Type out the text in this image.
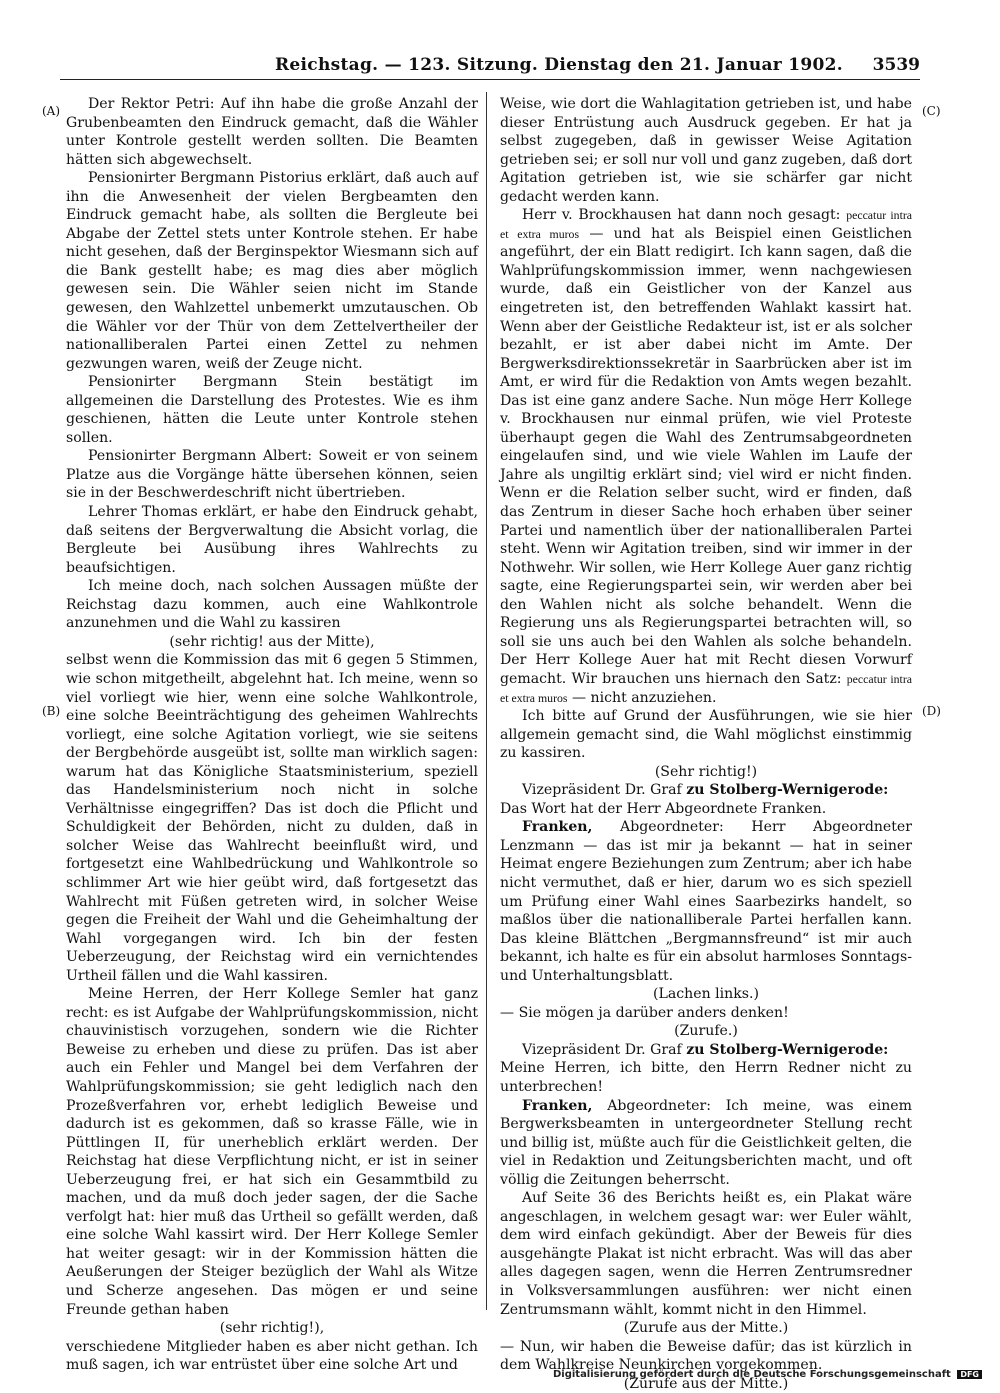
Reichstag. — 123. Sitzung. Dienstag den 21. Januar 1902. 3539
(A)
(B)
(C)
(D)

Der Rektor Petri: Auf ihn habe die große Anzahl der Grubenbeamten den Eindruck gemacht, daß die Wähler unter Kontrole gestellt werden sollten. Die Beamten hätten sich abgewechselt.

Pensionirter Bergmann Pistorius erklärt, daß auch auf ihn die Anwesenheit der vielen Bergbeamten den Eindruck gemacht habe, als sollten die Bergleute bei Abgabe der Zettel stets unter Kontrole stehen. Er habe nicht gesehen, daß der Berginspektor Wiesmann sich auf die Bank gestellt habe; es mag dies aber möglich gewesen sein. Die Wähler seien nicht im Stande gewesen, den Wahlzettel unbemerkt umzutauschen. Ob die Wähler vor der Thür von dem Zettelvertheiler der nationalliberalen Partei einen Zettel zu nehmen gezwungen waren, weiß der Zeuge nicht.

Pensionirter Bergmann Stein bestätigt im allgemeinen die Darstellung des Protestes. Wie es ihm geschienen, hätten die Leute unter Kontrole stehen sollen.

Pensionirter Bergmann Albert: Soweit er von seinem Platze aus die Vorgänge hätte übersehen können, seien sie in der Beschwerdeschrift nicht übertrieben.

Lehrer Thomas erklärt, er habe den Eindruck gehabt, daß seitens der Bergverwaltung die Absicht vorlag, die Bergleute bei Ausübung ihres Wahlrechts zu beaufsichtigen.

Ich meine doch, nach solchen Aussagen müßte der Reichstag dazu kommen, auch eine Wahlkontrole anzunehmen und die Wahl zu kassiren

(sehr richtig! aus der Mitte),

selbst wenn die Kommission das mit 6 gegen 5 Stimmen, wie schon mitgetheilt, abgelehnt hat. Ich meine, wenn so viel vorliegt wie hier, wenn eine solche Wahlkontrole, eine solche Beeinträchtigung des geheimen Wahlrechts vorliegt, eine solche Agitation vorliegt, wie sie seitens der Bergbehörde ausgeübt ist, sollte man wirklich sagen: warum hat das Königliche Staatsministerium, speziell das Handelsministerium noch nicht in solche Verhältnisse eingegriffen? Das ist doch die Pflicht und Schuldigkeit der Behörden, nicht zu dulden, daß in solcher Weise das Wahlrecht beeinflußt wird, und fortgesetzt eine Wahlbedrückung und Wahlkontrole so schlimmer Art wie hier geübt wird, daß fortgesetzt das Wahlrecht mit Füßen getreten wird, in solcher Weise gegen die Freiheit der Wahl und die Geheimhaltung der Wahl vorgegangen wird. Ich bin der festen Ueberzeugung, der Reichstag wird ein vernichtendes Urtheil fällen und die Wahl kassiren.

Meine Herren, der Herr Kollege Semler hat ganz recht: es ist Aufgabe der Wahlprüfungskommission, nicht chauvinistisch vorzugehen, sondern wie die Richter Beweise zu erheben und diese zu prüfen. Das ist aber auch ein Fehler und Mangel bei dem Verfahren der Wahlprüfungskommission; sie geht lediglich nach den Prozeßverfahren vor, erhebt lediglich Beweise und dadurch ist es gekommen, daß so krasse Fälle, wie in Püttlingen II, für unerheblich erklärt werden. Der Reichstag hat diese Verpflichtung nicht, er ist in seiner Ueberzeugung frei, er hat sich ein Gesammtbild zu machen, und da muß doch jeder sagen, der die Sache verfolgt hat: hier muß das Urtheil so gefällt werden, daß eine solche Wahl kassirt wird. Der Herr Kollege Semler hat weiter gesagt: wir in der Kommission hätten die Aeußerungen der Steiger bezüglich der Wahl als Witze und Scherze angesehen. Das mögen er und seine Freunde gethan haben

(sehr richtig!),

verschiedene Mitglieder haben es aber nicht gethan. Ich muß sagen, ich war entrüstet über eine solche Art und

Weise, wie dort die Wahlagitation getrieben ist, und habe dieser Entrüstung auch Ausdruck gegeben. Er hat ja selbst zugegeben, daß in gewisser Weise Agitation getrieben sei; er soll nur voll und ganz zugeben, daß dort Agitation getrieben ist, wie sie schärfer gar nicht gedacht werden kann.

Herr v. Brockhausen hat dann noch gesagt: peccatur intra et extra muros — und hat als Beispiel einen Geistlichen angeführt, der ein Blatt redigirt. Ich kann sagen, daß die Wahlprüfungskommission immer, wenn nachgewiesen wurde, daß ein Geistlicher von der Kanzel aus eingetreten ist, den betreffenden Wahlakt kassirt hat. Wenn aber der Geistliche Redakteur ist, ist er als solcher bezahlt, er ist aber dabei nicht im Amte. Der Bergwerksdirektionssekretär in Saarbrücken aber ist im Amt, er wird für die Redaktion von Amts wegen bezahlt. Das ist eine ganz andere Sache. Nun möge Herr Kollege v. Brockhausen nur einmal prüfen, wie viel Proteste überhaupt gegen die Wahl des Zentrumsabgeordneten eingelaufen sind, und wie viele Wahlen im Laufe der Jahre als ungiltig erklärt sind; viel wird er nicht finden. Wenn er die Relation selber sucht, wird er finden, daß das Zentrum in dieser Sache hoch erhaben über seiner Partei und namentlich über der nationalliberalen Partei steht. Wenn wir Agitation treiben, sind wir immer in der Nothwehr. Wir sollen, wie Herr Kollege Auer ganz richtig sagte, eine Regierungspartei sein, wir werden aber bei den Wahlen nicht als solche behandelt. Wenn die Regierung uns als Regierungspartei betrachten will, so soll sie uns auch bei den Wahlen als solche behandeln. Der Herr Kollege Auer hat mit Recht diesen Vorwurf gemacht. Wir brauchen uns hiernach den Satz: peccatur intra et extra muros — nicht anzuziehen.

Ich bitte auf Grund der Ausführungen, wie sie hier allgemein gemacht sind, die Wahl möglichst einstimmig zu kassiren.

(Sehr richtig!)

Vizepräsident Dr. Graf zu Stolberg-Wernigerode:

Das Wort hat der Herr Abgeordnete Franken.

Franken, Abgeordneter: Herr Abgeordneter Lenzmann — das ist mir ja bekannt — hat in seiner Heimat engere Beziehungen zum Zentrum; aber ich habe nicht vermuthet, daß er hier, darum wo es sich speziell um Prüfung einer Wahl eines Saarbezirks handelt, so maßlos über die nationalliberale Partei herfallen kann. Das kleine Blättchen „Bergmannsfreund“ ist mir auch bekannt, ich halte es für ein absolut harmloses Sonntags- und Unterhaltungsblatt.

(Lachen links.)

— Sie mögen ja darüber anders denken!

(Zurufe.)

Vizepräsident Dr. Graf zu Stolberg-Wernigerode:

Meine Herren, ich bitte, den Herrn Redner nicht zu unterbrechen!

Franken, Abgeordneter: Ich meine, was einem Bergwerksbeamten in untergeordneter Stellung recht und billig ist, müßte auch für die Geistlichkeit gelten, die viel in Redaktion und Zeitungsberichten macht, und oft völlig die Zeitungen beherrscht.

Auf Seite 36 des Berichts heißt es, ein Plakat wäre angeschlagen, in welchem gesagt war: wer Euler wählt, dem wird einfach gekündigt. Aber der Beweis für dies ausgehängte Plakat ist nicht erbracht. Was will das aber alles dagegen sagen, wenn die Herren Zentrumsredner in Volksversammlungen ausführen: wer nicht einen Zentrumsmann wählt, kommt nicht in den Himmel.

(Zurufe aus der Mitte.)

— Nun, wir haben die Beweise dafür; das ist kürzlich in dem Wahlkreise Neunkirchen vorgekommen.

(Zurufe aus der Mitte.)

Digitalisierung gefördert durch die Deutsche Forschungsgemeinschaft DFG
